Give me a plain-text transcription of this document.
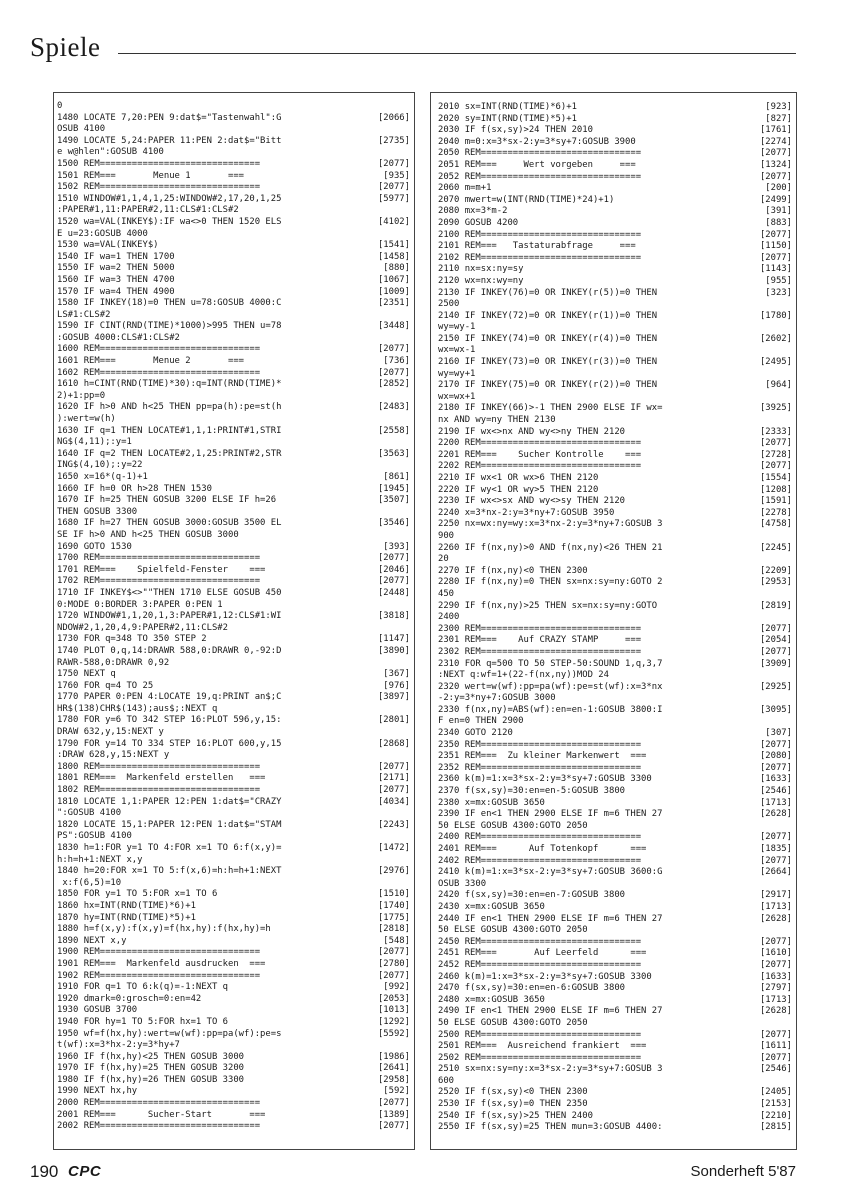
Spiele
0
1480 LOCATE 7,20:PEN 9:dat$="Tastenwahl":G	[2066]
OSUB 4100
1490 LOCATE 5,24:PAPER 11:PEN 2:dat$="Bitt	[2735]
e w@hlen":GOSUB 4100
1500 REM==============================	[2077]
1501 REM===       Menue 1       ===	[935]
1502 REM==============================	[2077]
1510 WINDOW#1,1,4,1,25:WINDOW#2,17,20,1,25	[5977]
:PAPER#1,11:PAPER#2,11:CLS#1:CLS#2
1520 wa=VAL(INKEY$):IF wa<>0 THEN 1520 ELS	[4102]
E u=23:GOSUB 4000
1530 wa=VAL(INKEY$)	[1541]
1540 IF wa=1 THEN 1700	[1458]
1550 IF wa=2 THEN 5000	[880]
1560 IF wa=3 THEN 4700	[1067]
1570 IF wa=4 THEN 4900	[1009]
1580 IF INKEY(18)=0 THEN u=78:GOSUB 4000:C	[2351]
LS#1:CLS#2
1590 IF CINT(RND(TIME)*1000)>995 THEN u=78	[3448]
:GOSUB 4000:CLS#1:CLS#2
1600 REM==============================	[2077]
1601 REM===       Menue 2       ===	[736]
1602 REM==============================	[2077]
1610 h=CINT(RND(TIME)*30):q=INT(RND(TIME)*	[2852]
2)+1:pp=0
1620 IF h>0 AND h<25 THEN pp=pa(h):pe=st(h	[2483]
):wert=w(h)
1630 IF q=1 THEN LOCATE#1,1,1:PRINT#1,STRI	[2558]
NG$(4,11);:y=1
1640 IF q=2 THEN LOCATE#2,1,25:PRINT#2,STR	[3563]
ING$(4,10);:y=22
1650 x=16*(q-1)+1	[861]
1660 IF h=0 OR h>28 THEN 1530	[1945]
1670 IF h=25 THEN GOSUB 3200 ELSE IF h=26	[3507]
THEN GOSUB 3300
1680 IF h=27 THEN GOSUB 3000:GOSUB 3500 EL	[3546]
SE IF h>0 AND h<25 THEN GOSUB 3000
1690 GOTO 1530	[393]
1700 REM==============================	[2077]
1701 REM===    Spielfeld-Fenster    ===	[2046]
1702 REM==============================	[2077]
1710 IF INKEY$<>""THEN 1710 ELSE GOSUB 450	[2448]
0:MODE 0:BORDER 3:PAPER 0:PEN 1
1720 WINDOW#1,1,20,1,3:PAPER#1,12:CLS#1:WI	[3818]
NDOW#2,1,20,4,9:PAPER#2,11:CLS#2
1730 FOR q=348 TO 350 STEP 2	[1147]
1740 PLOT 0,q,14:DRAWR 588,0:DRAWR 0,-92:D	[3890]
RAWR-588,0:DRAWR 0,92
1750 NEXT q	[367]
1760 FOR q=4 TO 25	[976]
1770 PAPER 0:PEN 4:LOCATE 19,q:PRINT an$;C	[3897]
HR$(138)CHR$(143);aus$;:NEXT q
1780 FOR y=6 TO 342 STEP 16:PLOT 596,y,15:	[2801]
DRAW 632,y,15:NEXT y
1790 FOR y=14 TO 334 STEP 16:PLOT 600,y,15	[2868]
:DRAW 628,y,15:NEXT y
1800 REM==============================	[2077]
1801 REM===  Markenfeld erstellen   ===	[2171]
1802 REM==============================	[2077]
1810 LOCATE 1,1:PAPER 12:PEN 1:dat$="CRAZY	[4034]
":GOSUB 4100
1820 LOCATE 15,1:PAPER 12:PEN 1:dat$="STAM	[2243]
PS":GOSUB 4100
1830 h=1:FOR y=1 TO 4:FOR x=1 TO 6:f(x,y)=	[1472]
h:h=h+1:NEXT x,y
1840 h=20:FOR x=1 TO 5:f(x,6)=h:h=h+1:NEXT	[2976]
x:f(6,5)=10
1850 FOR y=1 TO 5:FOR x=1 TO 6	[1510]
1860 hx=INT(RND(TIME)*6)+1	[1740]
1870 hy=INT(RND(TIME)*5)+1	[1775]
1880 h=f(x,y):f(x,y)=f(hx,hy):f(hx,hy)=h	[2818]
1890 NEXT x,y	[548]
1900 REM==============================	[2077]
1901 REM===  Markenfeld ausdrucken  ===	[2780]
1902 REM==============================	[2077]
1910 FOR q=1 TO 6:k(q)=-1:NEXT q	[992]
1920 dmark=0:grosch=0:en=42	[2053]
1930 GOSUB 3700	[1013]
1940 FOR hy=1 TO 5:FOR hx=1 TO 6	[1292]
1950 wf=f(hx,hy):wert=w(wf):pp=pa(wf):pe=s	[5592]
t(wf):x=3*hx-2:y=3*hy+7
1960 IF f(hx,hy)<25 THEN GOSUB 3000	[1986]
1970 IF f(hx,hy)=25 THEN GOSUB 3200	[2641]
1980 IF f(hx,hy)=26 THEN GOSUB 3300	[2958]
1990 NEXT hx,hy	[592]
2000 REM==============================	[2077]
2001 REM===      Sucher-Start       ===	[1389]
2002 REM==============================	[2077]
2010 sx=INT(RND(TIME)*6)+1	[923]
2020 sy=INT(RND(TIME)*5)+1	[827]
2030 IF f(sx,sy)>24 THEN 2010	[1761]
2040 m=0:x=3*sx-2:y=3*sy+7:GOSUB 3900	[2274]
2050 REM==============================	[2077]
2051 REM===     Wert vorgeben     ===	[1324]
2052 REM==============================	[2077]
2060 m=m+1	[200]
2070 mwert=w(INT(RND(TIME)*24)+1)	[2499]
2080 mx=3*m-2	[391]
2090 GOSUB 4200	[883]
2100 REM==============================	[2077]
2101 REM===   Tastaturabfrage     ===	[1150]
2102 REM==============================	[2077]
2110 nx=sx:ny=sy	[1143]
2120 wx=nx:wy=ny	[955]
2130 IF INKEY(76)=0 OR INKEY(r(5))=0 THEN	[323]
2500
2140 IF INKEY(72)=0 OR INKEY(r(1))=0 THEN	[1780]
wy=wy-1
2150 IF INKEY(74)=0 OR INKEY(r(4))=0 THEN	[2602]
wx=wx-1
2160 IF INKEY(73)=0 OR INKEY(r(3))=0 THEN	[2495]
wy=wy+1
2170 IF INKEY(75)=0 OR INKEY(r(2))=0 THEN	[964]
wx=wx+1
2180 IF INKEY(66)>-1 THEN 2900 ELSE IF wx=	[3925]
nx AND wy=ny THEN 2130
2190 IF wx<>nx AND wy<>ny THEN 2120	[2333]
2200 REM==============================	[2077]
2201 REM===    Sucher Kontrolle    ===	[2728]
2202 REM==============================	[2077]
2210 IF wx<1 OR wx>6 THEN 2120	[1554]
2220 IF wy<1 OR wy>5 THEN 2120	[1208]
2230 IF wx<>sx AND wy<>sy THEN 2120	[1591]
2240 x=3*nx-2:y=3*ny+7:GOSUB 3950	[2278]
2250 nx=wx:ny=wy:x=3*nx-2:y=3*ny+7:GOSUB 3	[4758]
900
2260 IF f(nx,ny)>0 AND f(nx,ny)<26 THEN 21	[2245]
20
2270 IF f(nx,ny)<0 THEN 2300	[2209]
2280 IF f(nx,ny)=0 THEN sx=nx:sy=ny:GOTO 2	[2953]
450
2290 IF f(nx,ny)>25 THEN sx=nx:sy=ny:GOTO	[2819]
2400
2300 REM==============================	[2077]
2301 REM===    Auf CRAZY STAMP     ===	[2054]
2302 REM==============================	[2077]
2310 FOR q=500 TO 50 STEP-50:SOUND 1,q,3,7	[3909]
:NEXT q:wf=1+(22-f(nx,ny))MOD 24
2320 wert=w(wf):pp=pa(wf):pe=st(wf):x=3*nx	[2925]
-2:y=3*ny+7:GOSUB 3000
2330 f(nx,ny)=ABS(wf):en=en-1:GOSUB 3800:I	[3095]
F en=0 THEN 2900
2340 GOTO 2120	[307]
2350 REM==============================	[2077]
2351 REM===  Zu kleiner Markenwert  ===	[2080]
2352 REM==============================	[2077]
2360 k(m)=1:x=3*sx-2:y=3*sy+7:GOSUB 3300	[1633]
2370 f(sx,sy)=30:en=en-5:GOSUB 3800	[2546]
2380 x=mx:GOSUB 3650	[1713]
2390 IF en<1 THEN 2900 ELSE IF m=6 THEN 27	[2628]
50 ELSE GOSUB 4300:GOTO 2050
2400 REM==============================	[2077]
2401 REM===      Auf Totenkopf      ===	[1835]
2402 REM==============================	[2077]
2410 k(m)=1:x=3*sx-2:y=3*sy+7:GOSUB 3600:G	[2664]
OSUB 3300
2420 f(sx,sy)=30:en=en-7:GOSUB 3800	[2917]
2430 x=mx:GOSUB 3650	[1713]
2440 IF en<1 THEN 2900 ELSE IF m=6 THEN 27	[2628]
50 ELSE GOSUB 4300:GOTO 2050
2450 REM==============================	[2077]
2451 REM===       Auf Leerfeld      ===	[1610]
2452 REM==============================	[2077]
2460 k(m)=1:x=3*sx-2:y=3*sy+7:GOSUB 3300	[1633]
2470 f(sx,sy)=30:en=en-6:GOSUB 3800	[2797]
2480 x=mx:GOSUB 3650	[1713]
2490 IF en<1 THEN 2900 ELSE IF m=6 THEN 27	[2628]
50 ELSE GOSUB 4300:GOTO 2050
2500 REM==============================	[2077]
2501 REM===  Ausreichend frankiert  ===	[1611]
2502 REM==============================	[2077]
2510 sx=nx:sy=ny:x=3*sx-2:y=3*sy+7:GOSUB 3	[2546]
600
2520 IF f(sx,sy)<0 THEN 2300	[2405]
2530 IF f(sx,sy)=0 THEN 2350	[2153]
2540 IF f(sx,sy)>25 THEN 2400	[2210]
2550 IF f(sx,sy)=25 THEN mun=3:GOSUB 4400:	[2815]
190 CPC	Sonderheft 5'87
